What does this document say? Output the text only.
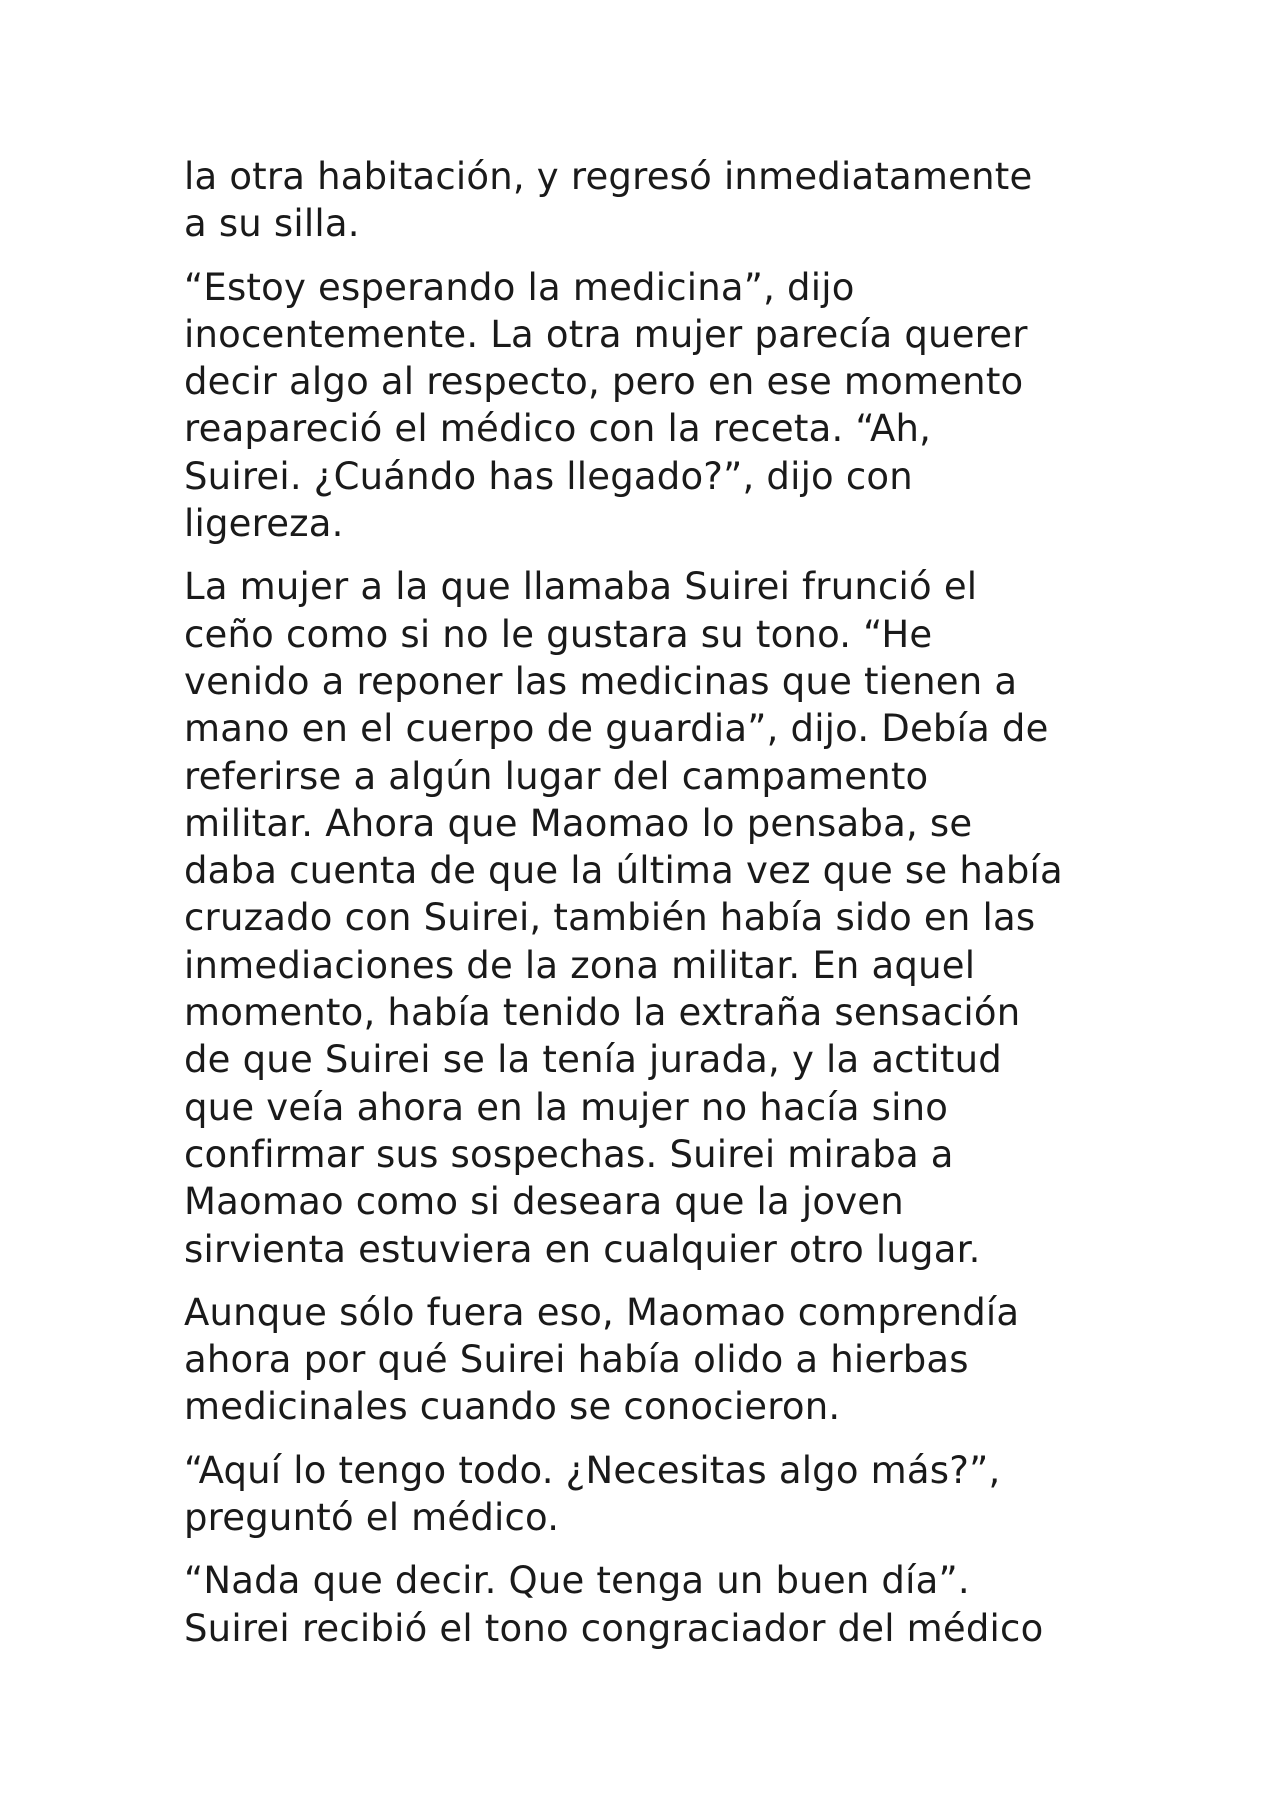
la otra habitación, y regresó inmediatamente
a su silla.

“Estoy esperando la medicina”, dijo
inocentemente. La otra mujer parecía querer
decir algo al respecto, pero en ese momento
reapareció el médico con la receta. “Ah,
Suirei. ¿Cuándo has llegado?”, dijo con
ligereza.

La mujer a la que llamaba Suirei frunció el
ceño como si no le gustara su tono. “He
venido a reponer las medicinas que tienen a
mano en el cuerpo de guardia”, dijo. Debía de
referirse a algún lugar del campamento
militar. Ahora que Maomao lo pensaba, se
daba cuenta de que la última vez que se había
cruzado con Suirei, también había sido en las
inmediaciones de la zona militar. En aquel
momento, había tenido la extraña sensación
de que Suirei se la tenía jurada, y la actitud
que veía ahora en la mujer no hacía sino
confirmar sus sospechas. Suirei miraba a
Maomao como si deseara que la joven
sirvienta estuviera en cualquier otro lugar.

Aunque sólo fuera eso, Maomao comprendía
ahora por qué Suirei había olido a hierbas
medicinales cuando se conocieron.

“Aquí lo tengo todo. ¿Necesitas algo más?”,
preguntó el médico.

“Nada que decir. Que tenga un buen día”.
Suirei recibió el tono congraciador del médico
